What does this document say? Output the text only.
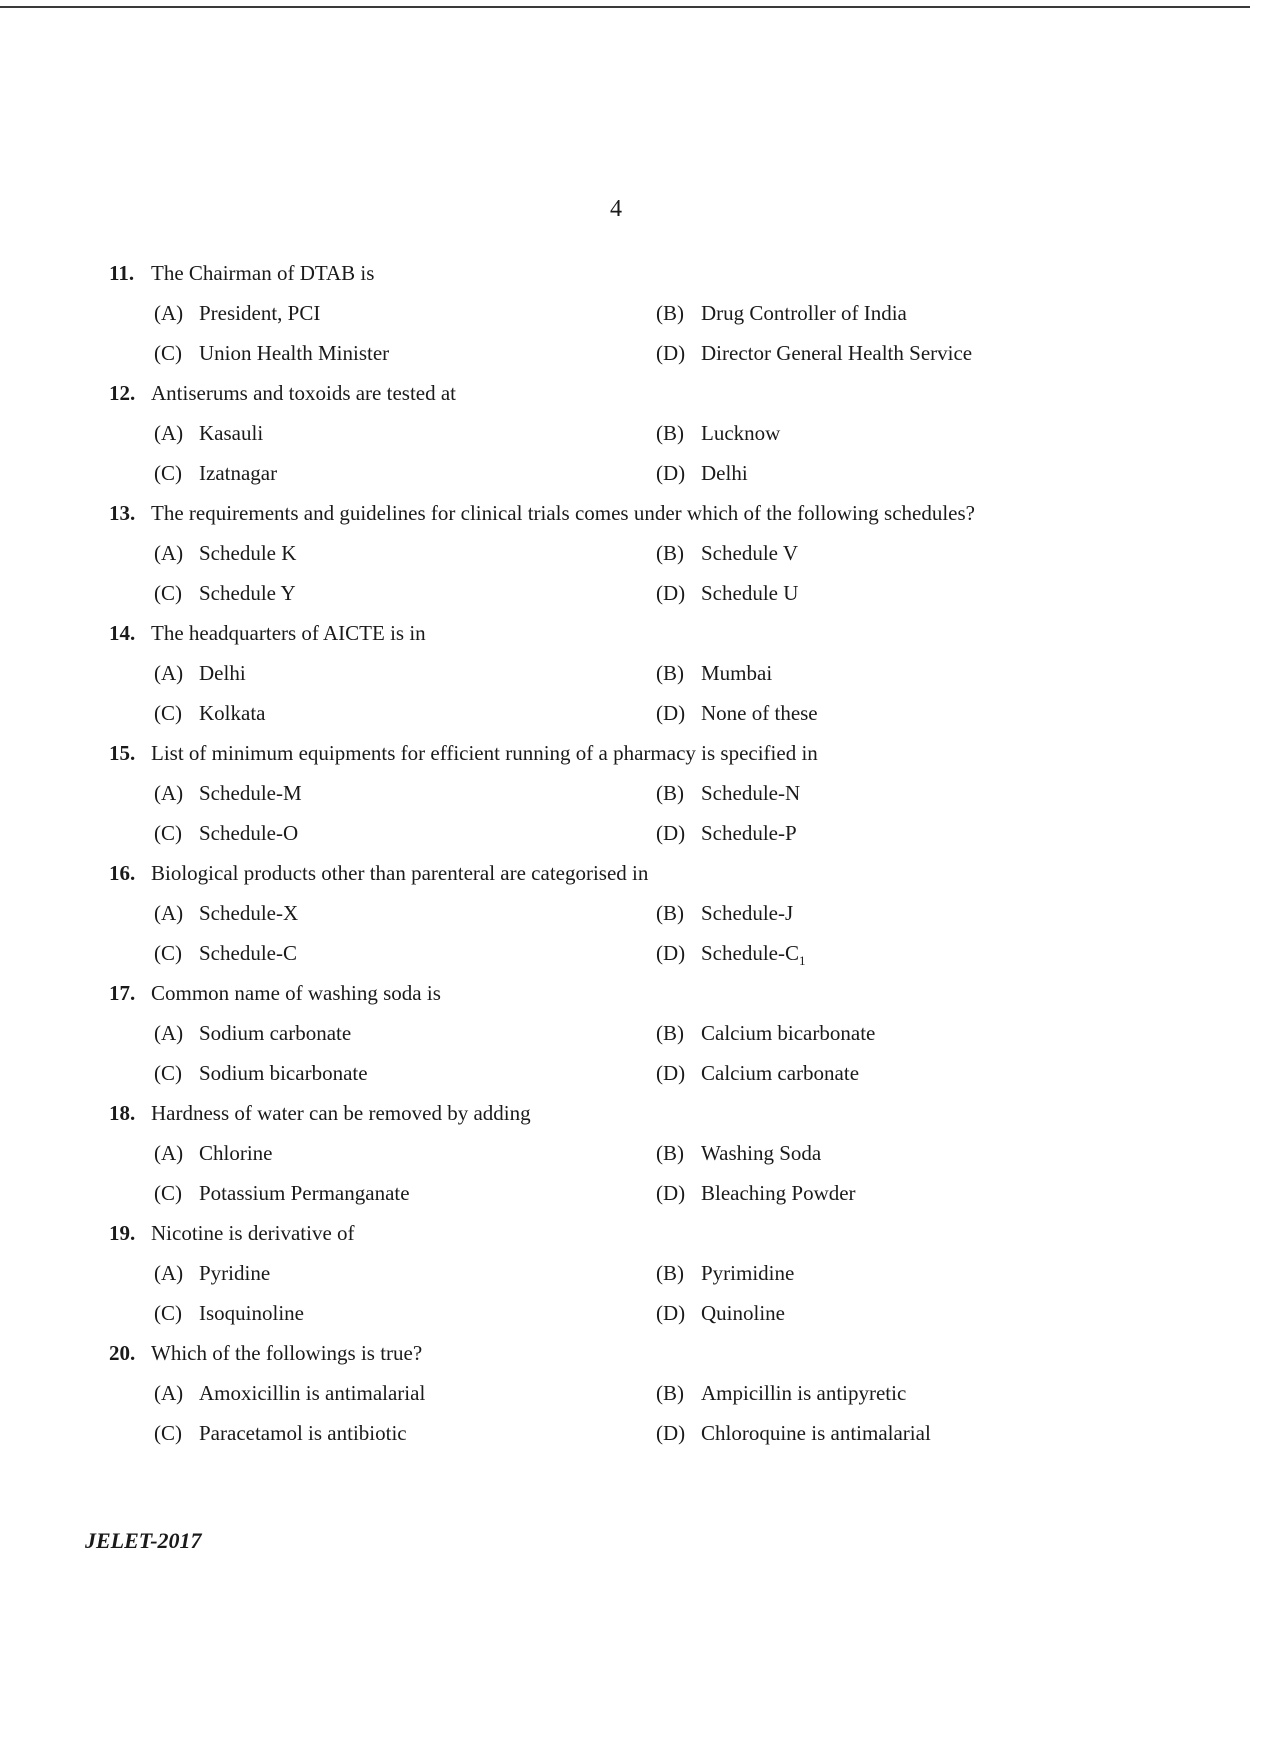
4
11. The Chairman of DTAB is
(A) President, PCI	(B) Drug Controller of India
(C) Union Health Minister	(D) Director General Health Service
12. Antiserums and toxoids are tested at
(A) Kasauli	(B) Lucknow
(C) Izatnagar	(D) Delhi
13. The requirements and guidelines for clinical trials comes under which of the following schedules?
(A) Schedule K	(B) Schedule V
(C) Schedule Y	(D) Schedule U
14. The headquarters of AICTE is in
(A) Delhi	(B) Mumbai
(C) Kolkata	(D) None of these
15. List of minimum equipments for efficient running of a pharmacy is specified in
(A) Schedule-M	(B) Schedule-N
(C) Schedule-O	(D) Schedule-P
16. Biological products other than parenteral are categorised in
(A) Schedule-X	(B) Schedule-J
(C) Schedule-C	(D) Schedule-$C_1$
17. Common name of washing soda is
(A) Sodium carbonate	(B) Calcium bicarbonate
(C) Sodium bicarbonate	(D) Calcium carbonate
18. Hardness of water can be removed by adding
(A) Chlorine	(B) Washing Soda
(C) Potassium Permanganate	(D) Bleaching Powder
19. Nicotine is derivative of
(A) Pyridine	(B) Pyrimidine
(C) Isoquinoline	(D) Quinoline
20. Which of the followings is true?
(A) Amoxicillin is antimalarial	(B) Ampicillin is antipyretic
(C) Paracetamol is antibiotic	(D) Chloroquine is antimalarial
JELET-2017
